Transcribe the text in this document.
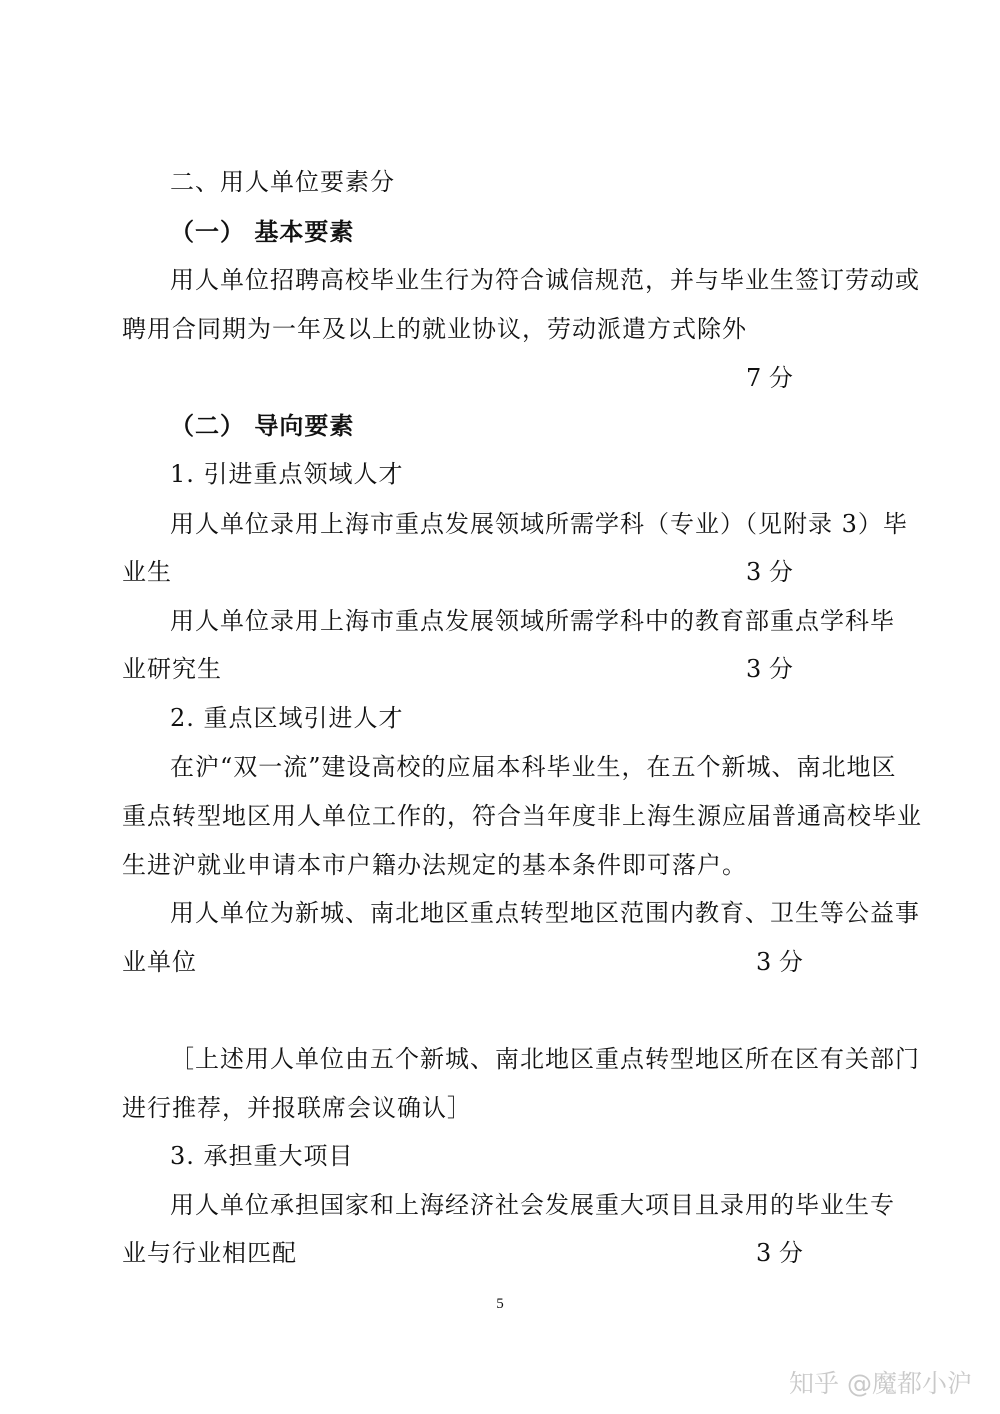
二、用人单位要素分
（一） 基本要素
用人单位招聘高校毕业生行为符合诚信规范，并与毕业生签订劳动或
聘用合同期为一年及以上的就业协议，劳动派遣方式除外
7 分
（二） 导向要素
1. 引进重点领域人才
用人单位录用上海市重点发展领域所需学科（专业）（见附录 3）毕
业生	3 分
用人单位录用上海市重点发展领域所需学科中的教育部重点学科毕
业研究生	3 分
2. 重点区域引进人才
在沪“双一流”建设高校的应届本科毕业生，在五个新城、南北地区
重点转型地区用人单位工作的，符合当年度非上海生源应届普通高校毕业
生进沪就业申请本市户籍办法规定的基本条件即可落户。
用人单位为新城、南北地区重点转型地区范围内教育、卫生等公益事
业单位	3 分
［上述用人单位由五个新城、南北地区重点转型地区所在区有关部门
进行推荐，并报联席会议确认］
3. 承担重大项目
用人单位承担国家和上海经济社会发展重大项目且录用的毕业生专
业与行业相匹配	3 分
5
知乎 @魔都小沪
